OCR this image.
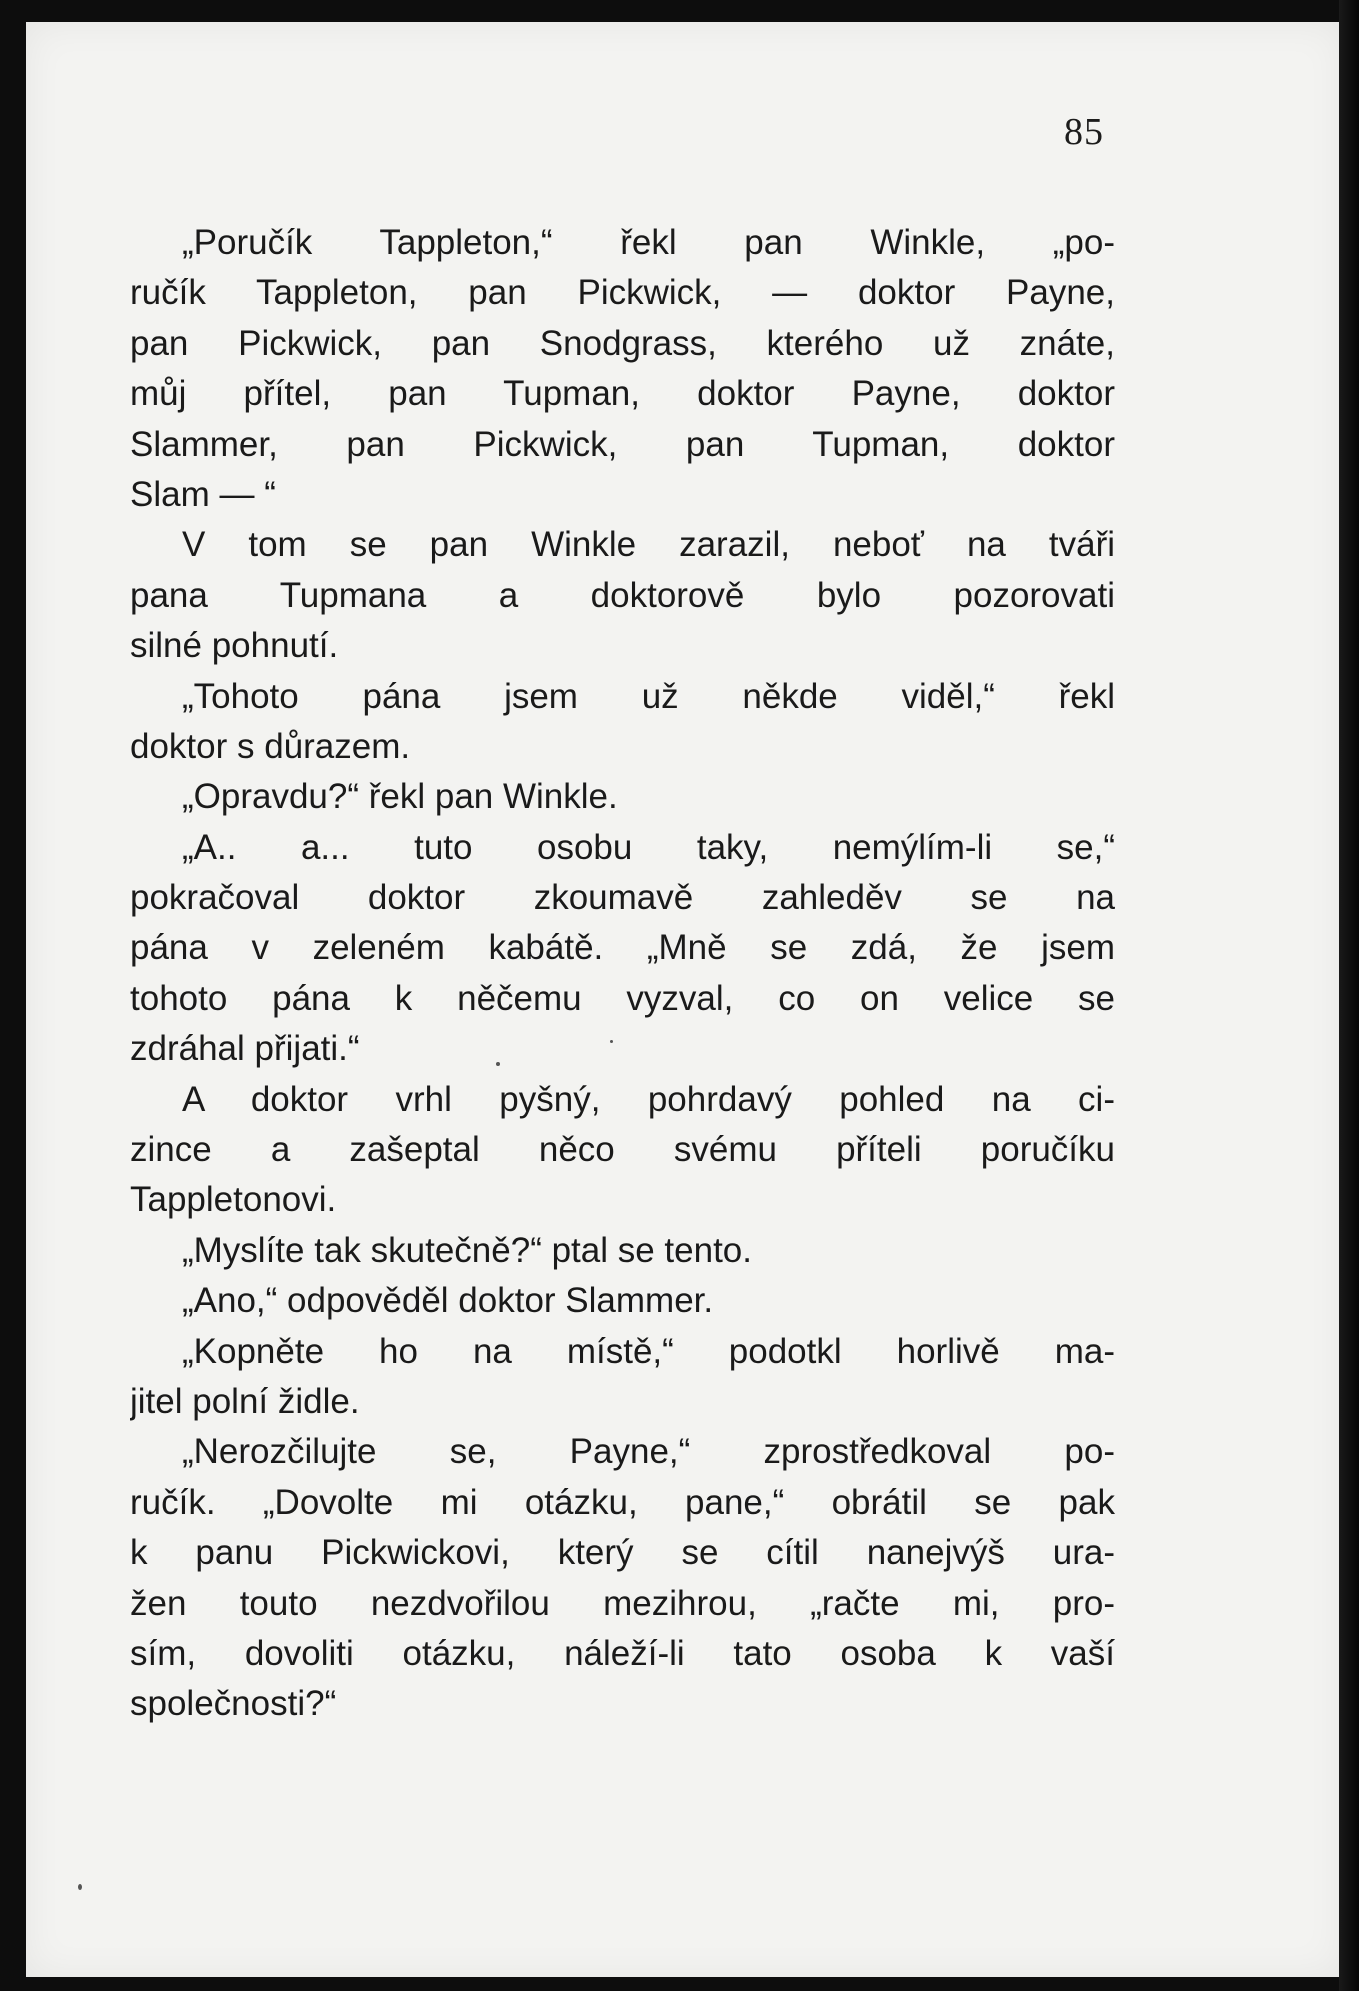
85
„Poručík Tappleton,“ řekl pan Winkle, „po-
ručík Tappleton, pan Pickwick, — doktor Payne,
pan Pickwick, pan Snodgrass, kterého už znáte,
můj přítel, pan Tupman, doktor Payne, doktor
Slammer, pan Pickwick, pan Tupman, doktor
Slam — “
V tom se pan Winkle zarazil, neboť na tváři
pana Tupmana a doktorově bylo pozorovati
silné pohnutí.
„Tohoto pána jsem už někde viděl,“ řekl
doktor s důrazem.
„Opravdu?“ řekl pan Winkle.
„A.. a... tuto osobu taky, nemýlím-li se,“
pokračoval doktor zkoumavě zahleděv se na
pána v zeleném kabátě. „Mně se zdá, že jsem
tohoto pána k něčemu vyzval, co on velice se
zdráhal přijati.“
A doktor vrhl pyšný, pohrdavý pohled na ci-
zince a zašeptal něco svému příteli poručíku
Tappletonovi.
„Myslíte tak skutečně?“ ptal se tento.
„Ano,“ odpověděl doktor Slammer.
„Kopněte ho na místě,“ podotkl horlivě ma-
jitel polní židle.
„Nerozčilujte se, Payne,“ zprostředkoval po-
ručík. „Dovolte mi otázku, pane,“ obrátil se pak
k panu Pickwickovi, který se cítil nanejvýš ura-
žen touto nezdvořilou mezihrou, „račte mi, pro-
sím, dovoliti otázku, náleží-li tato osoba k vaší
společnosti?“
